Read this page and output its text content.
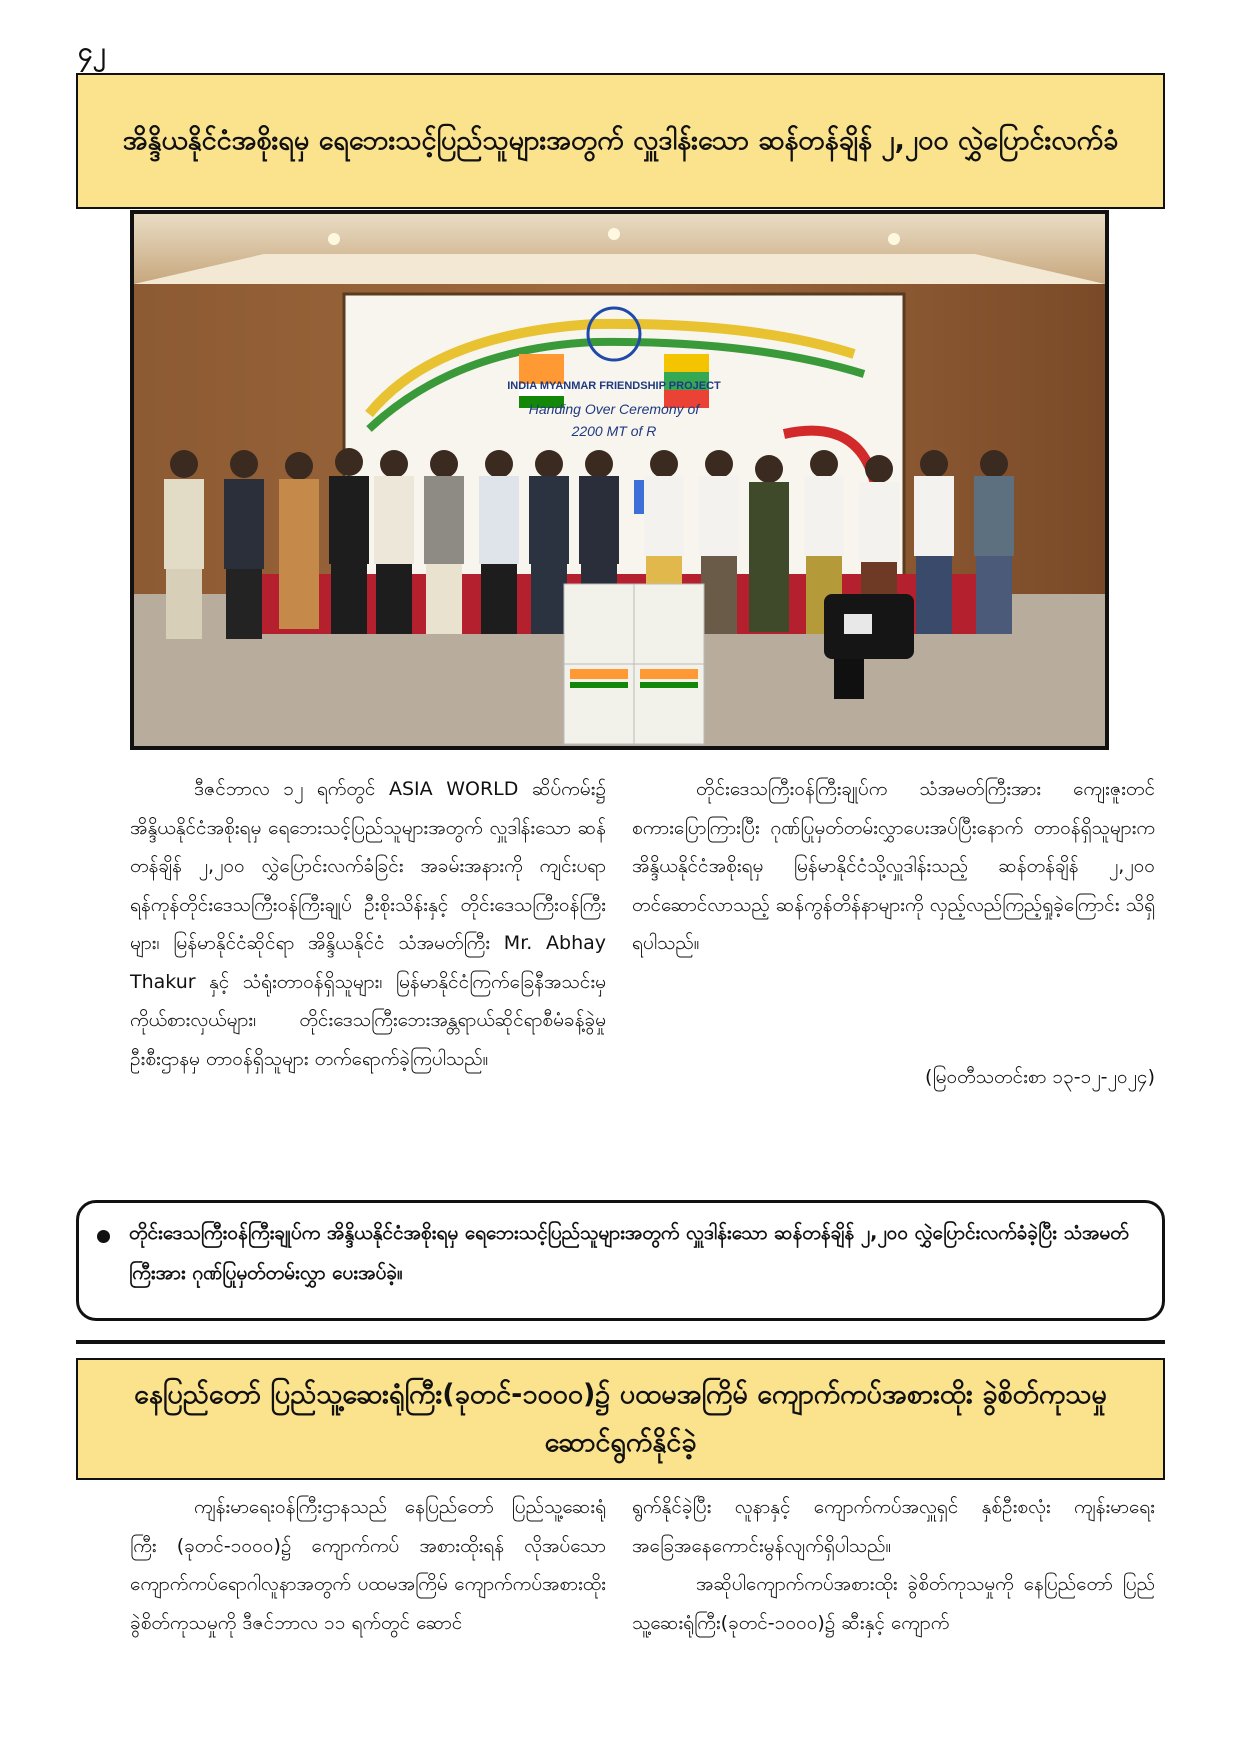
၄၂
အိန္ဒိယနိုင်ငံအစိုးရမှ ရေဘေးသင့်ပြည်သူများအတွက် လှူဒါန်းသော ဆန်တန်ချိန် ၂,၂၀၀ လွှဲပြောင်းလက်ခံ
INDIA MYANMAR FRIENDSHIP PROJECT
Handing Over Ceremony of
2200 MT of R

ဒီဇင်ဘာလ ၁၂ ရက်တွင် ASIA WORLD ဆိပ်ကမ်း၌ အိန္ဒိယနိုင်ငံအစိုးရမှ ရေဘေးသင့်ပြည်သူများအတွက် လှူဒါန်းသော ဆန်တန်ချိန် ၂,၂၀၀ လွှဲပြောင်းလက်ခံခြင်း အခမ်းအနားကို ကျင်းပရာ ရန်ကုန်တိုင်းဒေသကြီးဝန်ကြီးချုပ် ဦးစိုးသိန်းနှင့် တိုင်းဒေသကြီးဝန်ကြီးများ၊ မြန်မာနိုင်ငံဆိုင်ရာ အိန္ဒိယနိုင်ငံ သံအမတ်ကြီး Mr. Abhay Thakur နှင့် သံရုံးတာဝန်ရှိသူများ၊ မြန်မာနိုင်ငံကြက်ခြေနီအသင်းမှ ကိုယ်စားလှယ်များ၊ တိုင်းဒေသကြီးဘေးအန္တရာယ်ဆိုင်ရာစီမံခန့်ခွဲမှုဦးစီးဌာနမှ တာဝန်ရှိသူများ တက်ရောက်ခဲ့ကြပါသည်။

တိုင်းဒေသကြီးဝန်ကြီးချုပ်က သံအမတ်ကြီးအား ကျေးဇူးတင်စကားပြောကြားပြီး ဂုဏ်ပြုမှတ်တမ်းလွှာပေးအပ်ပြီးနောက် တာဝန်ရှိသူများက အိန္ဒိယနိုင်ငံအစိုးရမှ မြန်မာနိုင်ငံသို့လှူဒါန်းသည့် ဆန်တန်ချိန် ၂,၂၀၀ တင်ဆောင်လာသည့် ဆန်ကွန်တိန်နာများကို လှည့်လည်ကြည့်ရှုခဲ့ကြောင်း သိရှိရပါသည်။

(မြဝတီသတင်းစာ ၁၃-၁၂-၂၀၂၄)
တိုင်းဒေသကြီးဝန်ကြီးချုပ်က အိန္ဒိယနိုင်ငံအစိုးရမှ ရေဘေးသင့်ပြည်သူများအတွက် လှူဒါန်းသော ဆန်တန်ချိန် ၂,၂၀၀ လွှဲပြောင်းလက်ခံခဲ့ပြီး သံအမတ်ကြီးအား ဂုဏ်ပြုမှတ်တမ်းလွှာ ပေးအပ်ခဲ့။
နေပြည်တော် ပြည်သူ့ဆေးရုံကြီး(ခုတင်-၁၀၀၀)၌ ပထမအကြိမ် ကျောက်ကပ်အစားထိုး ခွဲစိတ်ကုသမှု ဆောင်ရွက်နိုင်ခဲ့

ကျန်းမာရေးဝန်ကြီးဌာနသည် နေပြည်တော် ပြည်သူ့ဆေးရုံကြီး (ခုတင်-၁၀၀၀)၌ ကျောက်ကပ် အစားထိုးရန် လိုအပ်သော ကျောက်ကပ်ရောဂါလူနာအတွက် ပထမအကြိမ် ကျောက်ကပ်အစားထိုးခွဲစိတ်ကုသမှုကို ဒီဇင်ဘာလ ၁၁ ရက်တွင် ဆောင်

ရွက်နိုင်ခဲ့ပြီး လူနာနှင့် ကျောက်ကပ်အလှူရှင် နှစ်ဦးစလုံး ကျန်းမာရေးအခြေအနေကောင်းမွန်လျက်ရှိပါသည်။

အဆိုပါကျောက်ကပ်အစားထိုး ခွဲစိတ်ကုသမှုကို နေပြည်တော် ပြည်သူ့ဆေးရုံကြီး(ခုတင်-၁၀၀၀)၌ ဆီးနှင့် ကျောက်
